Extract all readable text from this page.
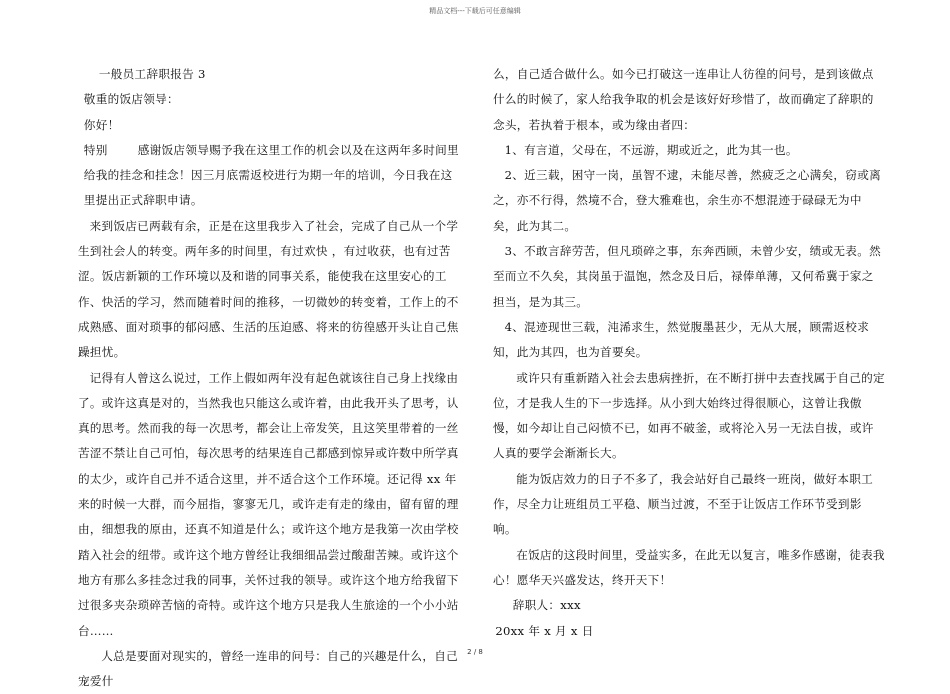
精品文档---下载后可任意编辑

一般员工辞职报告 3

敬重的饭店领导：

你好！

特别	感谢饭店领导赐予我在这里工作的机会以及在这两年多时间里给我的挂念和挂念！因三月底需返校进行为期一年的培训，今日我在这里提出正式辞职申请。

来到饭店已两载有余，正是在这里我步入了社会，完成了自己从一个学生到社会人的转变。两年多的时间里，有过欢快 ，有过收获，也有过苦涩。饭店新颖的工作环境以及和谐的同事关系，能使我在这里安心的工作、快活的学习，然而随着时间的推移，一切微妙的转变着，工作上的不成熟感、面对琐事的郁闷感、生活的压迫感、将来的彷徨感开头让自己焦躁担忧。

记得有人曾这么说过，工作上假如两年没有起色就该往自己身上找缘由了。或许这真是对的，当然我也只能这么或许着，由此我开头了思考，认真的思考。然而我的每一次思考，都会让上帝发笑，且这笑里带着的一丝苦涩不禁让自己可怕，每次思考的结果连自己都感到惊异或许数中所学真的太少，或许自己并不适合这里，并不适合这个工作环境。还记得 xx 年来的时候一大群，而今屈指，寥寥无几，或许走有走的缘由，留有留的理由，细想我的原由，还真不知道是什么；或许这个地方是我第一次由学校踏入社会的纽带。或许这个地方曾经让我细细品尝过酸甜苦辣。或许这个地方有那么多挂念过我的同事，关怀过我的领导。或许这个地方给我留下过很多夹杂琐碎苦恼的奇特。或许这个地方只是我人生旅途的一个小小站台……

人总是要面对现实的，曾经一连串的问号：自己的兴趣是什么，自己宠爱什

么，自己适合做什么。如今已打破这一连串让人彷徨的问号，是到该做点什么的时候了，家人给我争取的机会是该好好珍惜了，故而确定了辞职的念头，若执着于根本，或为缘由者四：

1、有言道，父母在，不远游，期或近之，此为其一也。

2、近三载，困守一岗，虽智不逮，未能尽善，然疲乏之心满矣，窃或离之，亦不行得，然境不合，登大雅难也，余生亦不想混迹于碌碌无为中矣，此为其二。

3、不敢言辞劳苦，但凡琐碎之事，东奔西顾，未曾少安，绩或无表。然至而立不久矣，其岗虽于温饱，然念及日后，禄俸单薄，又何希冀于家之担当，是为其三。

4、混迹现世三载，沌浠求生，然觉腹墨甚少，无从大展，顾需返校求知，此为其四，也为首要矣。

或许只有重新踏入社会去患病挫折，在不断打拼中去查找属于自己的定位，才是我人生的下一步选择。从小到大始终过得很顺心，这曾让我傲慢，如今却让自己闷愤不已，如再不破釜，或将沦入另一无法自拔，或许人真的要学会渐渐长大。

能为饭店效力的日子不多了，我会站好自己最终一班岗，做好本职工作，尽全力让班组员工平稳、顺当过渡，不至于让饭店工作环节受到影响。

在饭店的这段时间里，受益实多，在此无以复言，唯多作感谢，徒表我心！愿华天兴盛发达，终开天下！

辞职人：xxx

20xx 年 x 月 x 日

2 / 8
